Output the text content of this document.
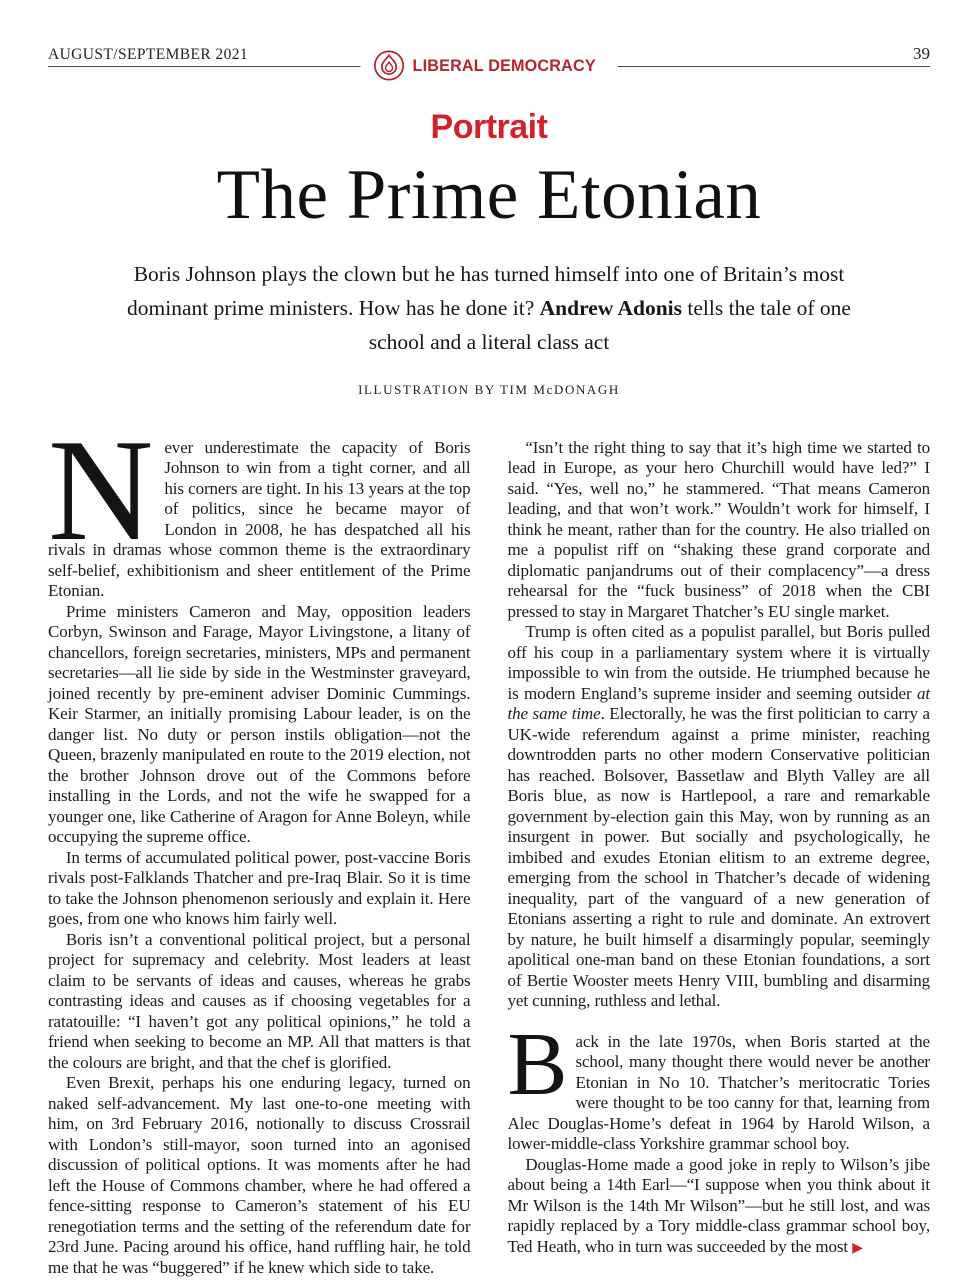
AUGUST/SEPTEMBER 2021
LIBERAL DEMOCRACY
39
Portrait
The Prime Etonian

Boris Johnson plays the clown but he has turned himself into one of Britain’s most dominant prime ministers. How has he done it? Andrew Adonis tells the tale of one school and a literal class act

ILLUSTRATION BY TIM McDONAGH

Never underestimate the capacity of Boris Johnson to win from a tight corner, and all his corners are tight. In his 13 years at the top of politics, since he became mayor of London in 2008, he has despatched all his rivals in dramas whose common theme is the extraordinary self-belief, exhibitionism and sheer entitlement of the Prime Etonian.

Prime ministers Cameron and May, opposition leaders Corbyn, Swinson and Farage, Mayor Livingstone, a litany of chancellors, foreign secretaries, ministers, MPs and permanent secretaries—all lie side by side in the Westminster graveyard, joined recently by pre-eminent adviser Dominic Cummings. Keir Starmer, an initially promising Labour leader, is on the danger list. No duty or person instils obligation—not the Queen, brazenly manipulated en route to the 2019 election, not the brother Johnson drove out of the Commons before installing in the Lords, and not the wife he swapped for a younger one, like Catherine of Aragon for Anne Boleyn, while occupying the supreme office.

In terms of accumulated political power, post-vaccine Boris rivals post-Falklands Thatcher and pre-Iraq Blair. So it is time to take the Johnson phenomenon seriously and explain it. Here goes, from one who knows him fairly well.

Boris isn’t a conventional political project, but a personal project for supremacy and celebrity. Most leaders at least claim to be servants of ideas and causes, whereas he grabs contrasting ideas and causes as if choosing vegetables for a ratatouille: “I haven’t got any political opinions,” he told a friend when seeking to become an MP. All that matters is that the colours are bright, and that the chef is glorified.

Even Brexit, perhaps his one enduring legacy, turned on naked self-advancement. My last one-to-one meeting with him, on 3rd February 2016, notionally to discuss Crossrail with London’s still-mayor, soon turned into an agonised discussion of political options. It was moments after he had left the House of Commons chamber, where he had offered a fence-sitting response to Cameron’s statement of his EU renegotiation terms and the setting of the referendum date for 23rd June. Pacing around his office, hand ruffling hair, he told me that he was “buggered” if he knew which side to take.

“Isn’t the right thing to say that it’s high time we started to lead in Europe, as your hero Churchill would have led?” I said. “Yes, well no,” he stammered. “That means Cameron leading, and that won’t work.” Wouldn’t work for himself, I think he meant, rather than for the country. He also trialled on me a populist riff on “shaking these grand corporate and diplomatic panjandrums out of their complacency”—a dress rehearsal for the “fuck business” of 2018 when the CBI pressed to stay in Margaret Thatcher’s EU single market.

Trump is often cited as a populist parallel, but Boris pulled off his coup in a parliamentary system where it is virtually impossible to win from the outside. He triumphed because he is modern England’s supreme insider and seeming outsider at the same time. Electorally, he was the first politician to carry a UK-wide referendum against a prime minister, reaching downtrodden parts no other modern Conservative politician has reached. Bolsover, Bassetlaw and Blyth Valley are all Boris blue, as now is Hartlepool, a rare and remarkable government by-election gain this May, won by running as an insurgent in power. But socially and psychologically, he imbibed and exudes Etonian elitism to an extreme degree, emerging from the school in Thatcher’s decade of widening inequality, part of the vanguard of a new generation of Etonians asserting a right to rule and dominate. An extrovert by nature, he built himself a disarmingly popular, seemingly apolitical one-man band on these Etonian foundations, a sort of Bertie Wooster meets Henry VIII, bumbling and disarming yet cunning, ruthless and lethal.

Back in the late 1970s, when Boris started at the school, many thought there would never be another Etonian in No 10. Thatcher’s meritocratic Tories were thought to be too canny for that, learning from Alec Douglas-Home’s defeat in 1964 by Harold Wilson, a lower-middle-class Yorkshire grammar school boy.

Douglas-Home made a good joke in reply to Wilson’s jibe about being a 14th Earl—“I suppose when you think about it Mr Wilson is the 14th Mr Wilson”—but he still lost, and was rapidly replaced by a Tory middle-class grammar school boy, Ted Heath, who in turn was succeeded by the most ▶
